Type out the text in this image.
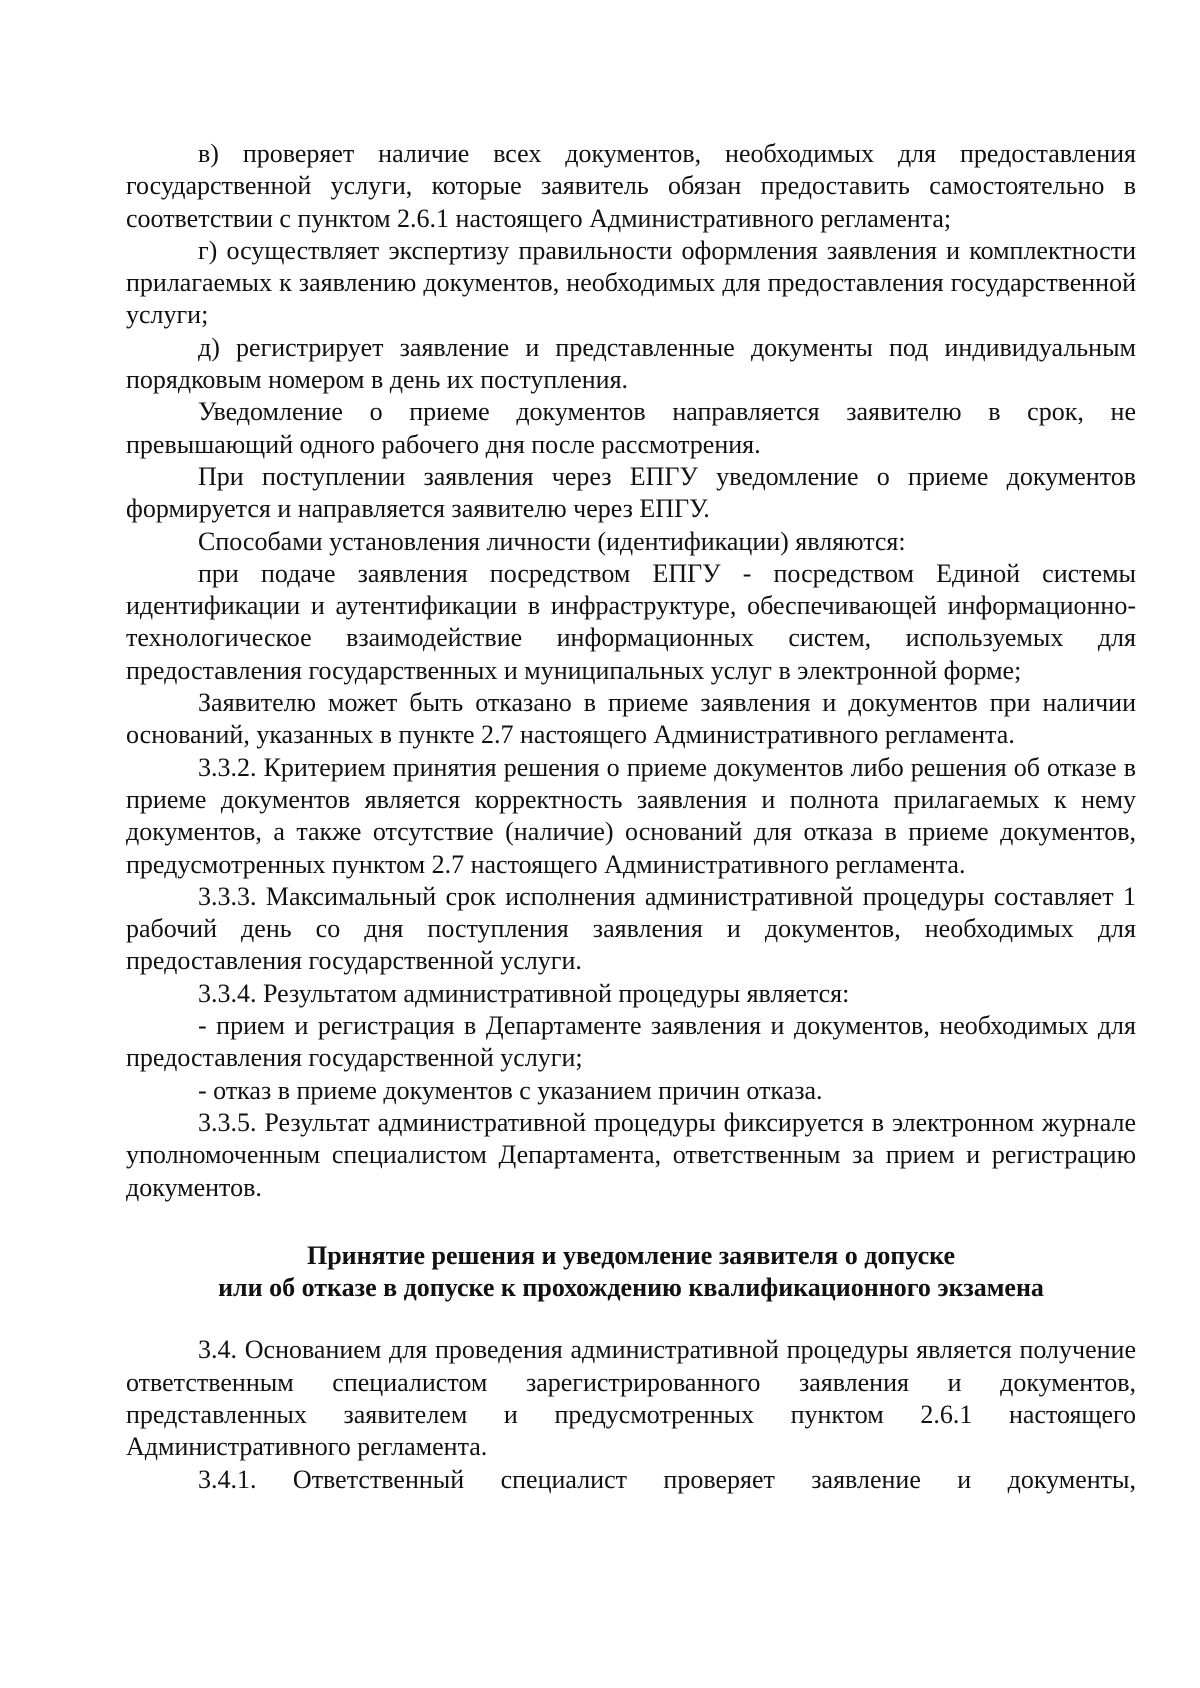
в) проверяет наличие всех документов, необходимых для предоставления государственной услуги, которые заявитель обязан предоставить самостоятельно в соответствии с пунктом 2.6.1 настоящего Административного регламента;

г) осуществляет экспертизу правильности оформления заявления и комплектности прилагаемых к заявлению документов, необходимых для предоставления государственной услуги;

д) регистрирует заявление и представленные документы под индивидуальным порядковым номером в день их поступления.

Уведомление о приеме документов направляется заявителю в срок, не превышающий одного рабочего дня после рассмотрения.

При поступлении заявления через ЕПГУ уведомление о приеме документов формируется и направляется заявителю через ЕПГУ.

Способами установления личности (идентификации) являются:

при подаче заявления посредством ЕПГУ - посредством Единой системы идентификации и аутентификации в инфраструктуре, обеспечивающей информационно-технологическое взаимодействие информационных систем, используемых для предоставления государственных и муниципальных услуг в электронной форме;

Заявителю может быть отказано в приеме заявления и документов при наличии оснований, указанных в пункте 2.7 настоящего Административного регламента.

3.3.2. Критерием принятия решения о приеме документов либо решения об отказе в приеме документов является корректность заявления и полнота прилагаемых к нему документов, а также отсутствие (наличие) оснований для отказа в приеме документов, предусмотренных пунктом 2.7 настоящего Административного регламента.

3.3.3. Максимальный срок исполнения административной процедуры составляет 1 рабочий день со дня поступления заявления и документов, необходимых для предоставления государственной услуги.

3.3.4. Результатом административной процедуры является:

- прием и регистрация в Департаменте заявления и документов, необходимых для предоставления государственной услуги;

- отказ в приеме документов с указанием причин отказа.

3.3.5. Результат административной процедуры фиксируется в электронном журнале уполномоченным специалистом Департамента, ответственным за прием и регистрацию документов.

Принятие решения и уведомление заявителя о допуске
или об отказе в допуске к прохождению квалификационного экзамена

3.4. Основанием для проведения административной процедуры является получение ответственным специалистом зарегистрированного заявления и документов, представленных заявителем и предусмотренных пунктом 2.6.1 настоящего Административного регламента.

3.4.1. Ответственный специалист проверяет заявление и документы,
